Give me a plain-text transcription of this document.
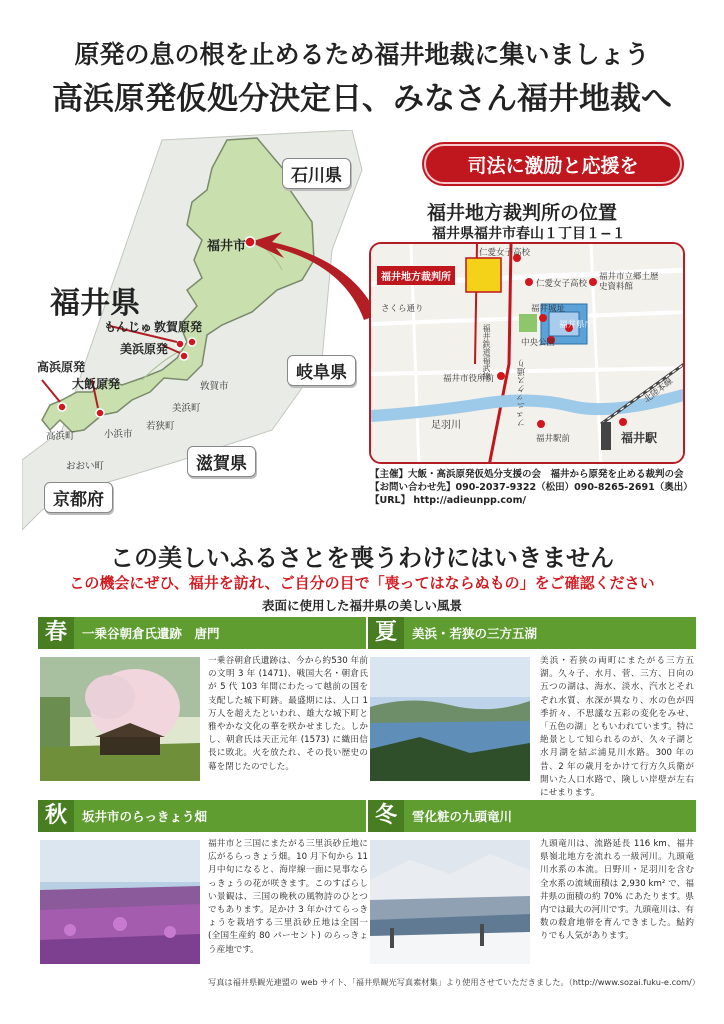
原発の息の根を止めるため福井地裁に集いましょう
高浜原発仮処分決定日、みなさん福井地裁へ
石川県
岐阜県
滋賀県
京都府
福井県
福井市
もんじゅ 敦賀原発
美浜原発
高浜原発
大飯原発	敦賀市
美浜町
若狭町
小浜市
高浜町
おおい町
司法に激励と応援を
福井地方裁判所の位置
福井県福井市春山１丁目１−１
福井地方裁判所
仁愛女子高校
仁愛女子高校
福井市立郷土歴史資料館
さくら通り	福井城址
福井県庁
中央公園
福井市役所前	フェニックス通り
福井鉄道福武線
足羽川
福井駅前
北陸本線
福井駅
【主催】大飯・高浜原発仮処分支援の会　福井から原発を止める裁判の会
【お問い合わせ先】090-2037-9322（松田）090-8265-2691（奥出）
【URL】 http://adieunpp.com/
この美しいふるさとを喪うわけにはいきません
この機会にぜひ、福井を訪れ、ご自分の目で「喪ってはならぬもの」をご確認ください
表面に使用した福井県の美しい風景
春	一乗谷朝倉氏遺跡　唐門
一乗谷朝倉氏遺跡は、今から約530 年前の文明 3 年 (1471)、戦国大名・朝倉氏が 5 代 103 年間にわたって越前の国を支配した城下町跡。最盛期には、人口 1 万人を超えたといわれ、雄大な城下町と雅やかな文化の華を咲かせました。しかし、朝倉氏は天正元年 (1573) に織田信長に敗北。火を放たれ、その長い歴史の幕を閉じたのでした。
夏	美浜・若狭の三方五湖
美浜・若狭の両町にまたがる三方五湖。久々子、水月、菅、三方、日向の五つの湖は、海水、淡水、汽水とそれぞれ水質、水深が異なり、水の色が四季折々、不思議な五彩の変化をみせ、「五色の湖」ともいわれています。特に絶景として知られるのが、久々子湖と水月湖を結ぶ浦見川水路。300 年の昔、2 年の歳月をかけて行方久兵衛が開いた人口水路で、険しい岸壁が左右にせまります。
秋	坂井市のらっきょう畑
福井市と三国にまたがる三里浜砂丘地に広がるらっきょう畑。10 月下旬から 11 月中旬になると、海岸線一面に見事ならっきょうの花が咲きます。このすばらしい景観は、三国の晩秋の風物詩のひとつでもあります。足かけ 3 年かけてらっきょうを栽培する三里浜砂丘地は全国一 (全国生産約 80 パーセント) のらっきょう産地です。
冬	雪化粧の九頭竜川
九頭竜川は、流路延長 116 km、福井県嶺北地方を流れる一級河川。九頭竜川水系の本流。日野川・足羽川を含む全水系の流域面積は 2,930 km² で、福井県の面積の約 70% にあたります。県内では最大の河川です。九頭竜川は、有数の殺倉地帯を育んできました。鮎釣りでも人気があります。
写真は福井県観光連盟の web サイト、「福井県観光写真素材集」より使用させていただきました。（http://www.sozai.fuku-e.com/）
